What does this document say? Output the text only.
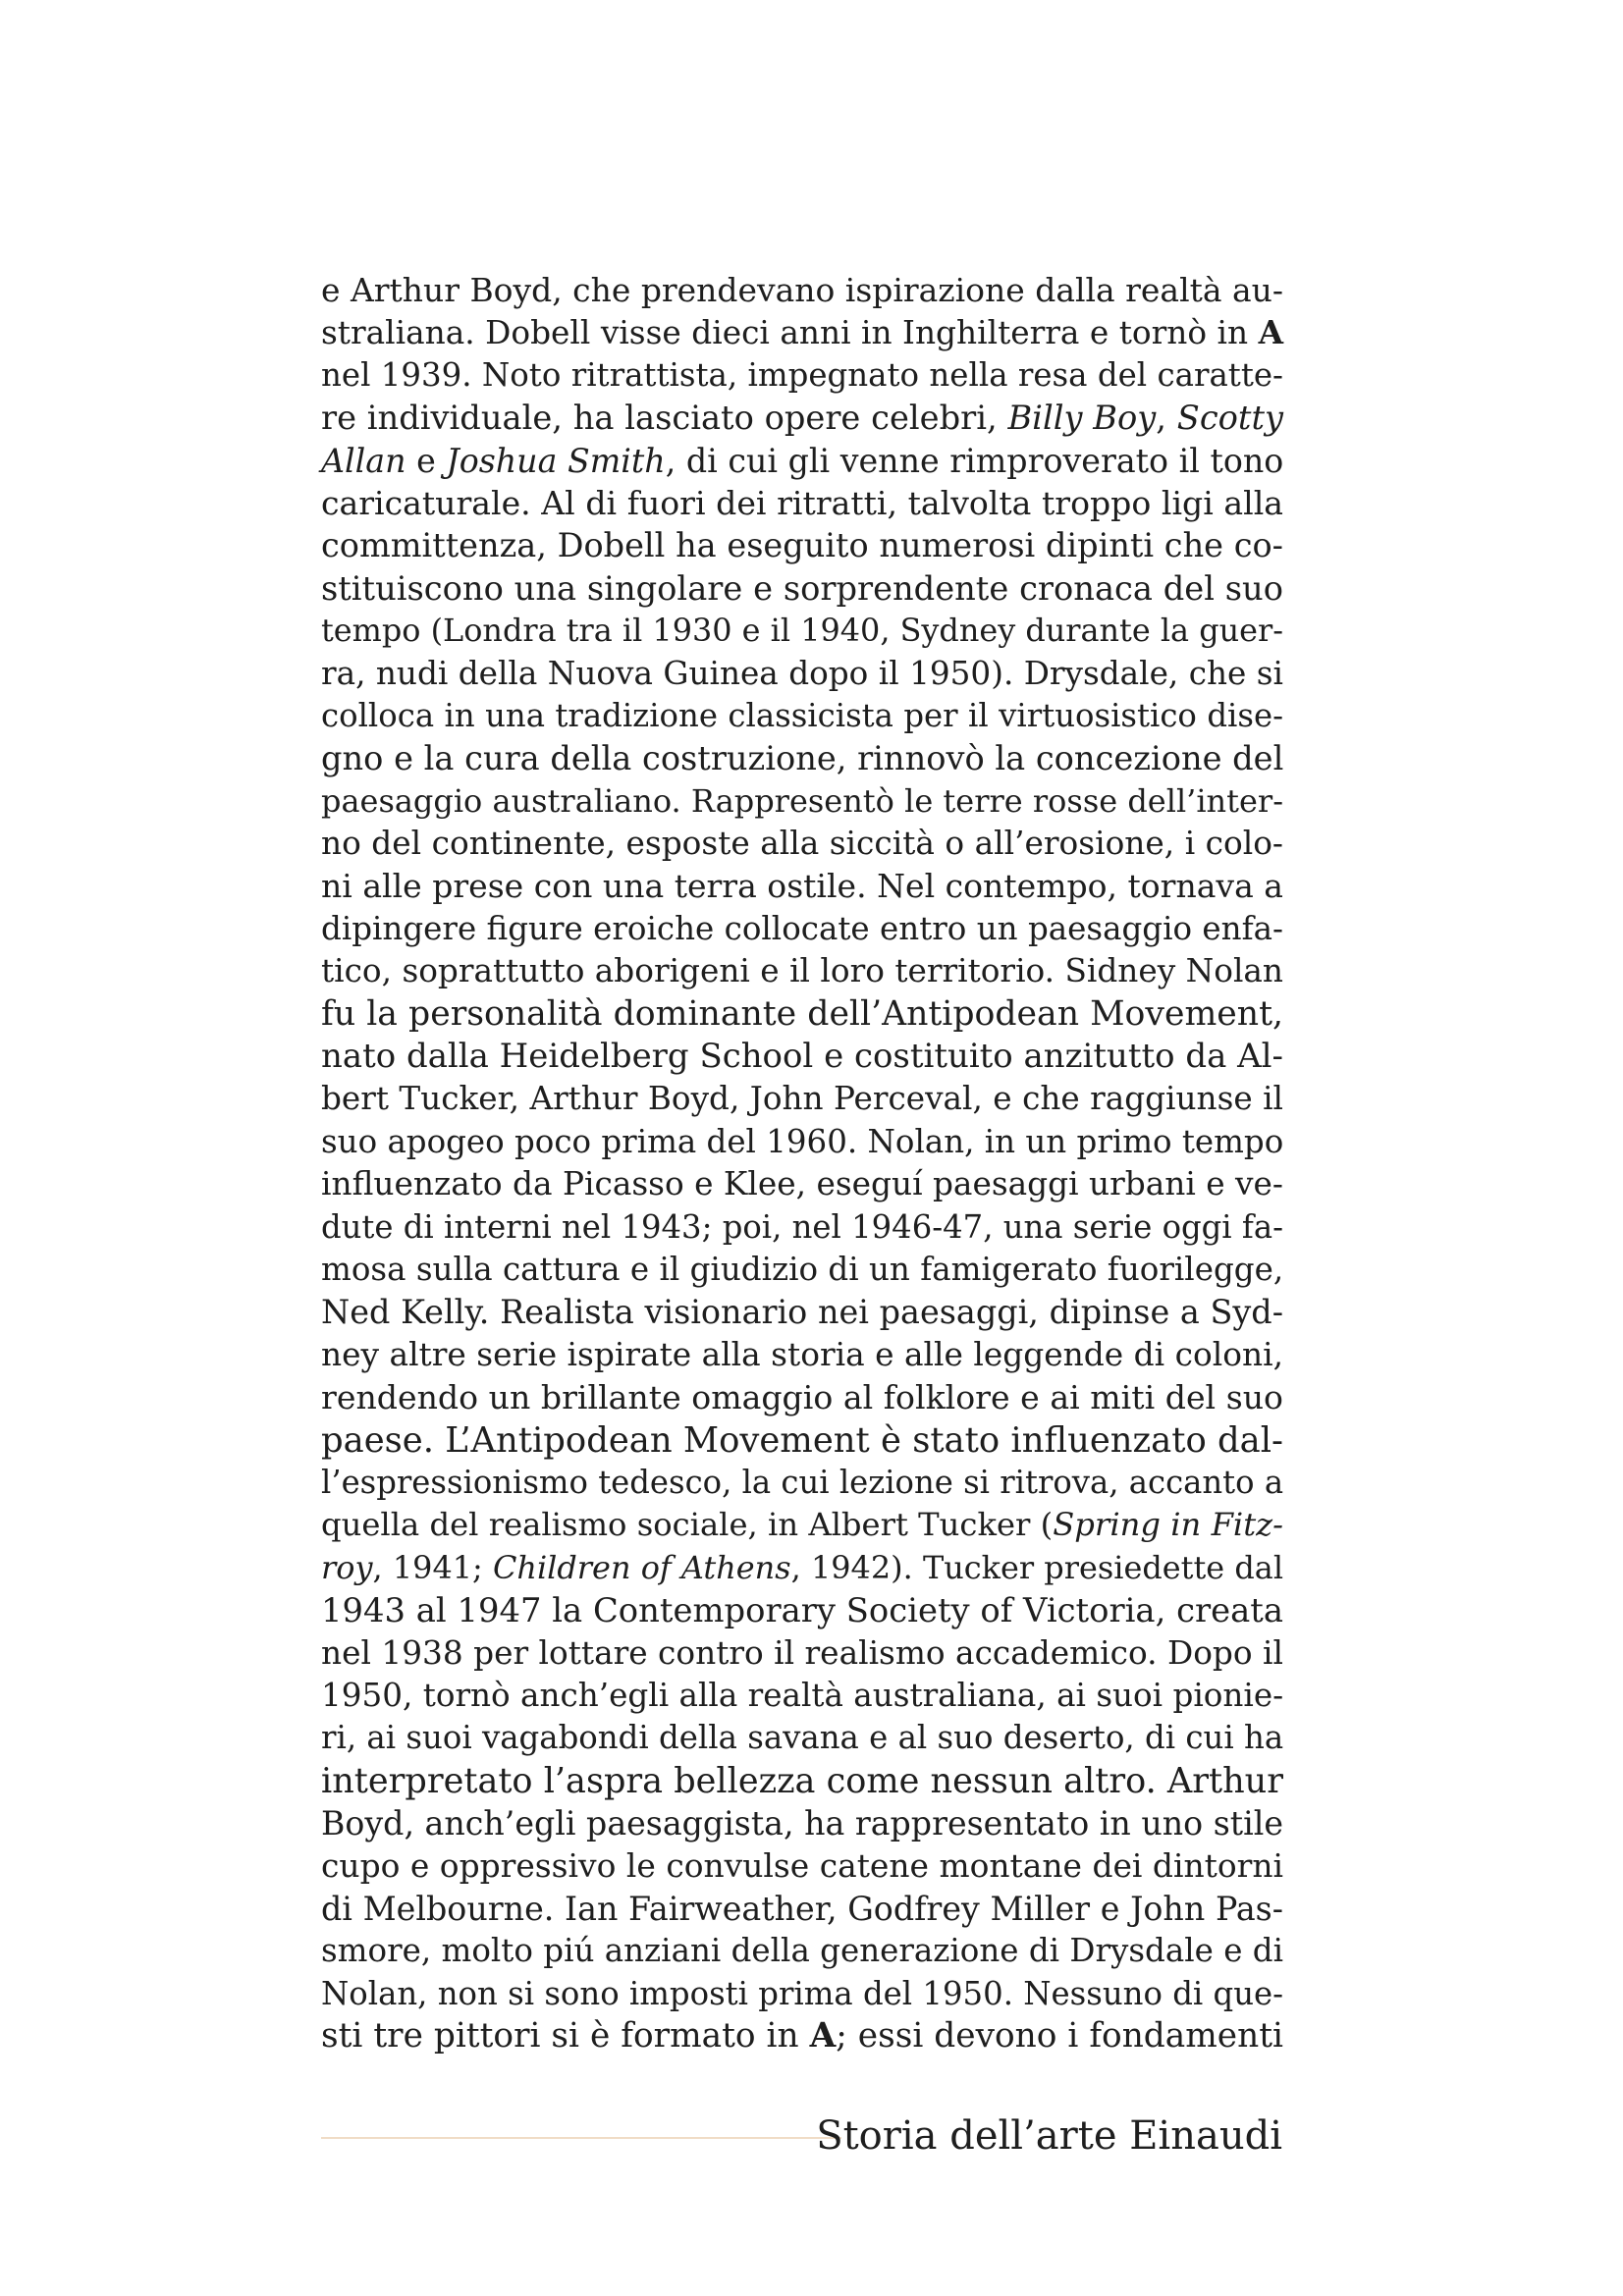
e Arthur Boyd, che prendevano ispirazione dalla realtà au-
straliana. Dobell visse dieci anni in Inghilterra e tornò in A
nel 1939. Noto ritrattista, impegnato nella resa del caratte-
re individuale, ha lasciato opere celebri, Billy Boy, Scotty
Allan e Joshua Smith, di cui gli venne rimproverato il tono
caricaturale. Al di fuori dei ritratti, talvolta troppo ligi alla
committenza, Dobell ha eseguito numerosi dipinti che co-
stituiscono una singolare e sorprendente cronaca del suo
tempo (Londra tra il 1930 e il 1940, Sydney durante la guer-
ra, nudi della Nuova Guinea dopo il 1950). Drysdale, che si
colloca in una tradizione classicista per il virtuosistico dise-
gno e la cura della costruzione, rinnovò la concezione del
paesaggio australiano. Rappresentò le terre rosse dell’inter-
no del continente, esposte alla siccità o all’erosione, i colo-
ni alle prese con una terra ostile. Nel contempo, tornava a
dipingere figure eroiche collocate entro un paesaggio enfa-
tico, soprattutto aborigeni e il loro territorio. Sidney Nolan
fu la personalità dominante dell’Antipodean Movement,
nato dalla Heidelberg School e costituito anzitutto da Al-
bert Tucker, Arthur Boyd, John Perceval, e che raggiunse il
suo apogeo poco prima del 1960. Nolan, in un primo tempo
influenzato da Picasso e Klee, eseguí paesaggi urbani e ve-
dute di interni nel 1943; poi, nel 1946-47, una serie oggi fa-
mosa sulla cattura e il giudizio di un famigerato fuorilegge,
Ned Kelly. Realista visionario nei paesaggi, dipinse a Syd-
ney altre serie ispirate alla storia e alle leggende di coloni,
rendendo un brillante omaggio al folklore e ai miti del suo
paese. L’Antipodean Movement è stato influenzato dal-
l’espressionismo tedesco, la cui lezione si ritrova, accanto a
quella del realismo sociale, in Albert Tucker (Spring in Fitz-
roy, 1941; Children of Athens, 1942). Tucker presiedette dal
1943 al 1947 la Contemporary Society of Victoria, creata
nel 1938 per lottare contro il realismo accademico. Dopo il
1950, tornò anch’egli alla realtà australiana, ai suoi pionie-
ri, ai suoi vagabondi della savana e al suo deserto, di cui ha
interpretato l’aspra bellezza come nessun altro. Arthur
Boyd, anch’egli paesaggista, ha rappresentato in uno stile
cupo e oppressivo le convulse catene montane dei dintorni
di Melbourne. Ian Fairweather, Godfrey Miller e John Pas-
smore, molto piú anziani della generazione di Drysdale e di
Nolan, non si sono imposti prima del 1950. Nessuno di que-
sti tre pittori si è formato in A; essi devono i fondamenti
Storia dell’arte Einaudi
